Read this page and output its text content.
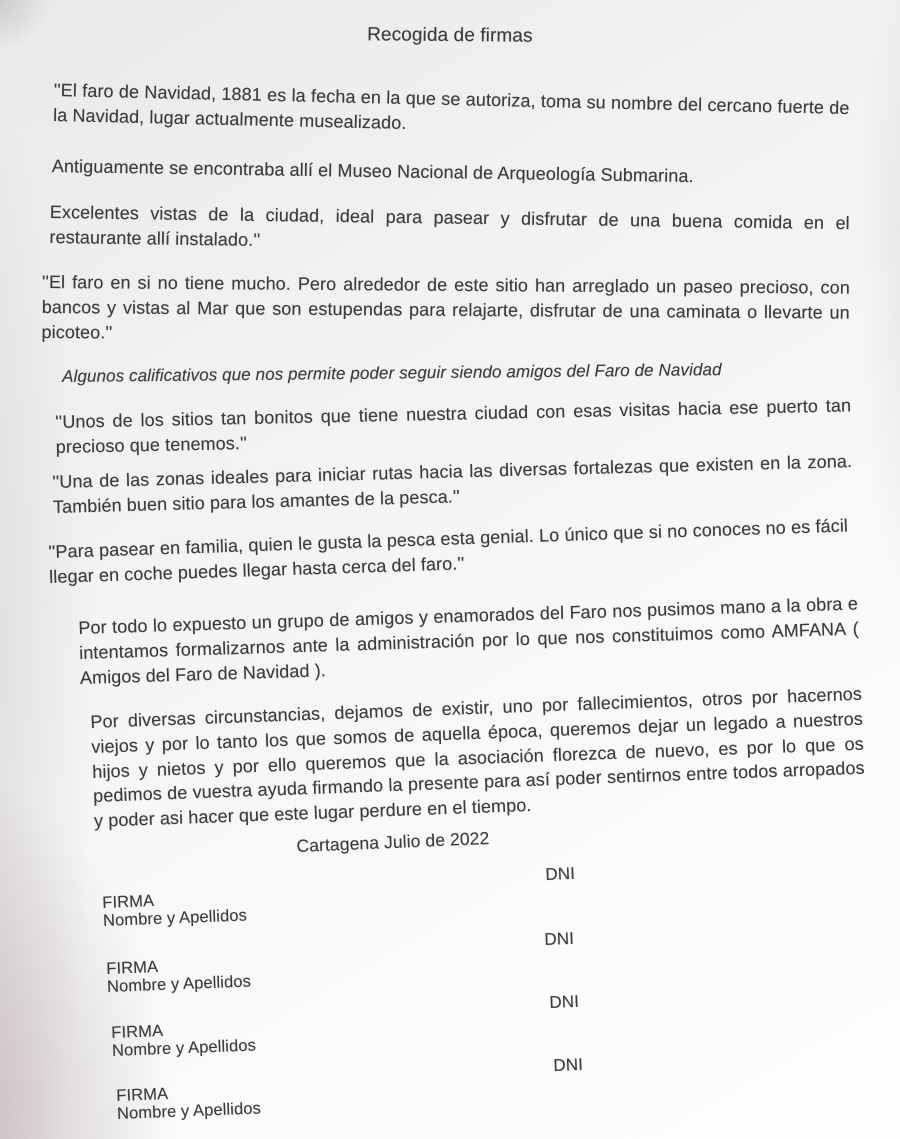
Recogida de firmas

''El faro de Navidad, 1881 es la fecha en la que se autoriza, toma su nombre del cercano fuerte de la Navidad, lugar actualmente musealizado.

Antiguamente se encontraba allí el Museo Nacional de Arqueología Submarina.

Excelentes vistas de la ciudad, ideal para pasear y disfrutar de una buena comida en el restaurante allí instalado.''

''El faro en si no tiene mucho. Pero alrededor de este sitio han arreglado un paseo precioso, con bancos y vistas al Mar que son estupendas para relajarte, disfrutar de una caminata o llevarte un picoteo.''

Algunos calificativos que nos permite poder seguir siendo amigos del Faro de Navidad

''Unos de los sitios tan bonitos que tiene nuestra ciudad con esas visitas hacia ese puerto tan precioso que tenemos.''

''Una de las zonas ideales para iniciar rutas hacia las diversas fortalezas que existen en la zona. También buen sitio para los amantes de la pesca.''

''Para pasear en familia, quien le gusta la pesca esta genial. Lo único que si no conoces no es fácil llegar en coche puedes llegar hasta cerca del faro.''

Por todo lo expuesto un grupo de amigos y enamorados del Faro nos pusimos mano a la obra e intentamos formalizarnos ante la administración por lo que nos constituimos como AMFANA ( Amigos del Faro de Navidad ).

Por diversas circunstancias, dejamos de existir, uno por fallecimientos, otros por hacernos viejos y por lo tanto los que somos de aquella época, queremos dejar un legado a nuestros hijos y nietos y por ello queremos que la asociación florezca de nuevo, es por lo que os pedimos de vuestra ayuda firmando la presente para así poder sentirnos entre todos arropados y poder asi hacer que este lugar perdure en el tiempo.

Cartagena Julio de 2022
DNI
FIRMA
Nombre y Apellidos
DNI
FIRMA
Nombre y Apellidos
DNI
FIRMA
Nombre y Apellidos
DNI
FIRMA
Nombre y Apellidos
